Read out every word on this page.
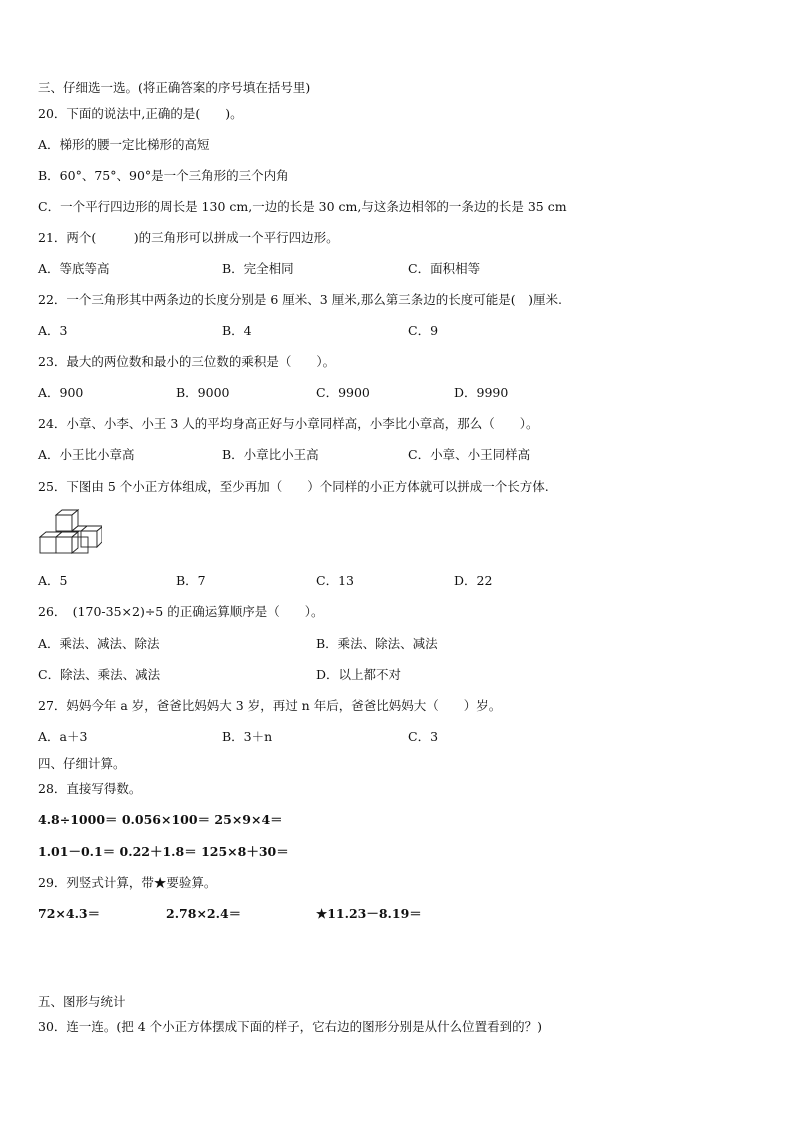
三、仔细选一选。(将正确答案的序号填在括号里)
20．下面的说法中,正确的是(　　)。
A．梯形的腰一定比梯形的高短
B．60°、75°、90°是一个三角形的三个内角
C．一个平行四边形的周长是 130 cm,一边的长是 30 cm,与这条边相邻的一条边的长是 35 cm
21．两个(　　　)的三角形可以拼成一个平行四边形。
A．等底等高	B．完全相同	C．面积相等
22．一个三角形其中两条边的长度分别是 6 厘米、3 厘米,那么第三条边的长度可能是(　)厘米.
A．3	B．4	C．9
23．最大的两位数和最小的三位数的乘积是（　　）。
A．900	B．9000	C．9900	D．9990
24．小章、小李、小王 3 人的平均身高正好与小章同样高，小李比小章高，那么（　　）。
A．小王比小章高	B．小章比小王高	C．小章、小王同样高
25．下图由 5 个小正方体组成，至少再加（　　）个同样的小正方体就可以拼成一个长方体.
A．5	B．7	C．13	D．22
26．　(170-35×2)÷5 的正确运算顺序是（　　）。
A．乘法、减法、除法	B．乘法、除法、减法
C．除法、乘法、减法	D．以上都不对
27．妈妈今年 a 岁，爸爸比妈妈大 3 岁，再过 n 年后，爸爸比妈妈大（　　）岁。
A．a＋3	B．3＋n	C．3
四、仔细计算。
28．直接写得数。
4.8÷1000＝ 0.056×100＝ 25×9×4＝
1.01－0.1＝ 0.22＋1.8＝ 125×8＋30＝
29．列竖式计算，带★要验算。
72×4.3＝	2.78×2.4＝	★11.23－8.19＝
五、图形与统计
30．连一连。(把 4 个小正方体摆成下面的样子，它右边的图形分别是从什么位置看到的？)
